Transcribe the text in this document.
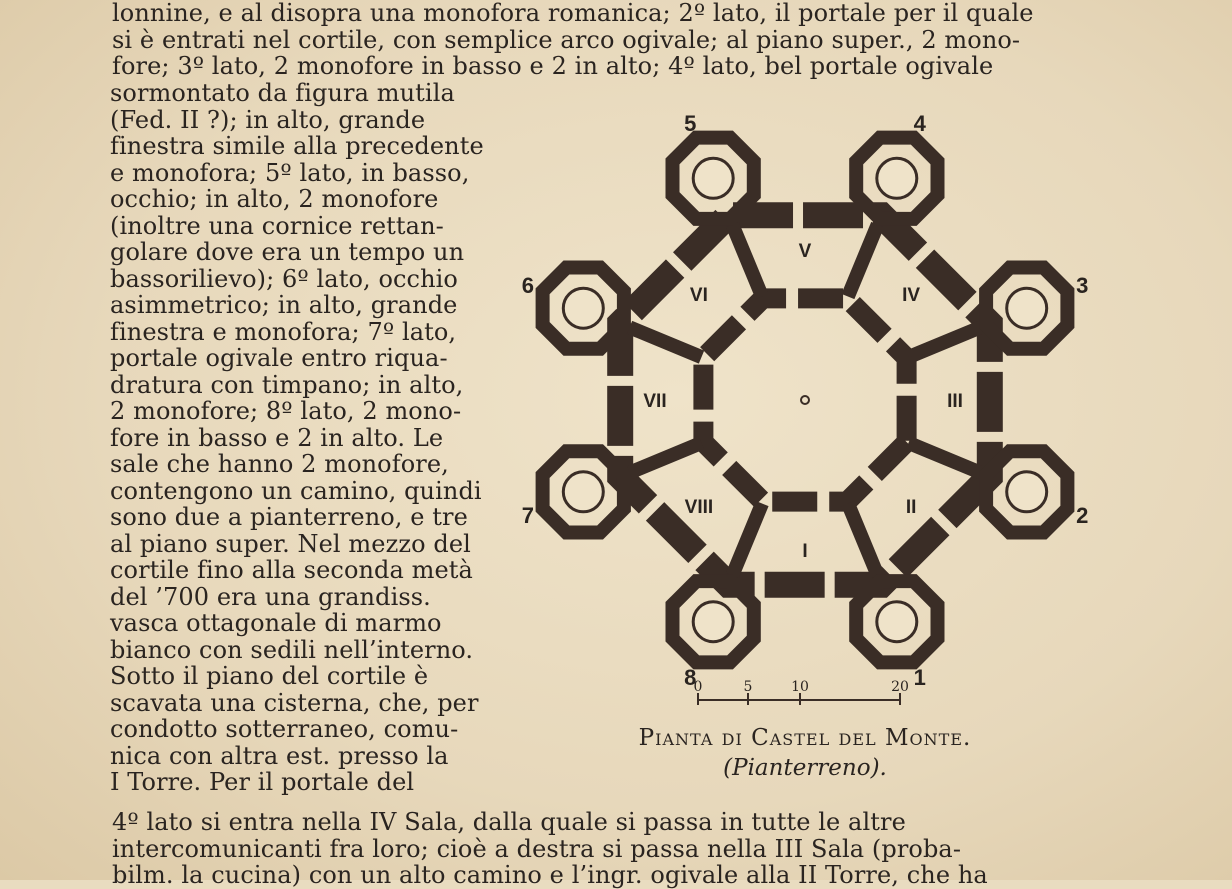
lonnine, e al disopra una monofora romanica; 2º lato, il portale per il quale
si è entrati nel cortile, con semplice arco ogivale; al piano super., 2 mono-
fore; 3º lato, 2 monofore in basso e 2 in alto; 4º lato, bel portale ogivale
sormontato da figura mutila
(Fed. II ?); in alto, grande
finestra simile alla precedente
e monofora; 5º lato, in basso,
occhio; in alto, 2 monofore
(inoltre una cornice rettan-
golare dove era un tempo un
bassorilievo); 6º lato, occhio
asimmetrico; in alto, grande
finestra e monofora; 7º lato,
portale ogivale entro riqua-
dratura con timpano; in alto,
2 monofore; 8º lato, 2 mono-
fore in basso e 2 in alto. Le
sale che hanno 2 monofore,
contengono un camino, quindi
sono due a pianterreno, e tre
al piano super. Nel mezzo del
cortile fino alla seconda metà
del ’700 era una grandiss.
vasca ottagonale di marmo
bianco con sedili nell’interno.
Sotto il piano del cortile è
scavata una cisterna, che, per
condotto sotterraneo, comu-
nica con altra est. presso la
I Torre. Per il portale del
4º lato si entra nella IV Sala, dalla quale si passa in tutte le altre
intercomunicanti fra loro; cioè a destra si passa nella III Sala (proba-
bilm. la cucina) con un alto camino e l’ingr. ogivale alla II Torre, che ha
1
2
3
4
5
6
7
8
I
II
III
IV
V
VI
VII
VIII
0	5	10	20
Pianta di Castel del Monte.
(Pianterreno).
